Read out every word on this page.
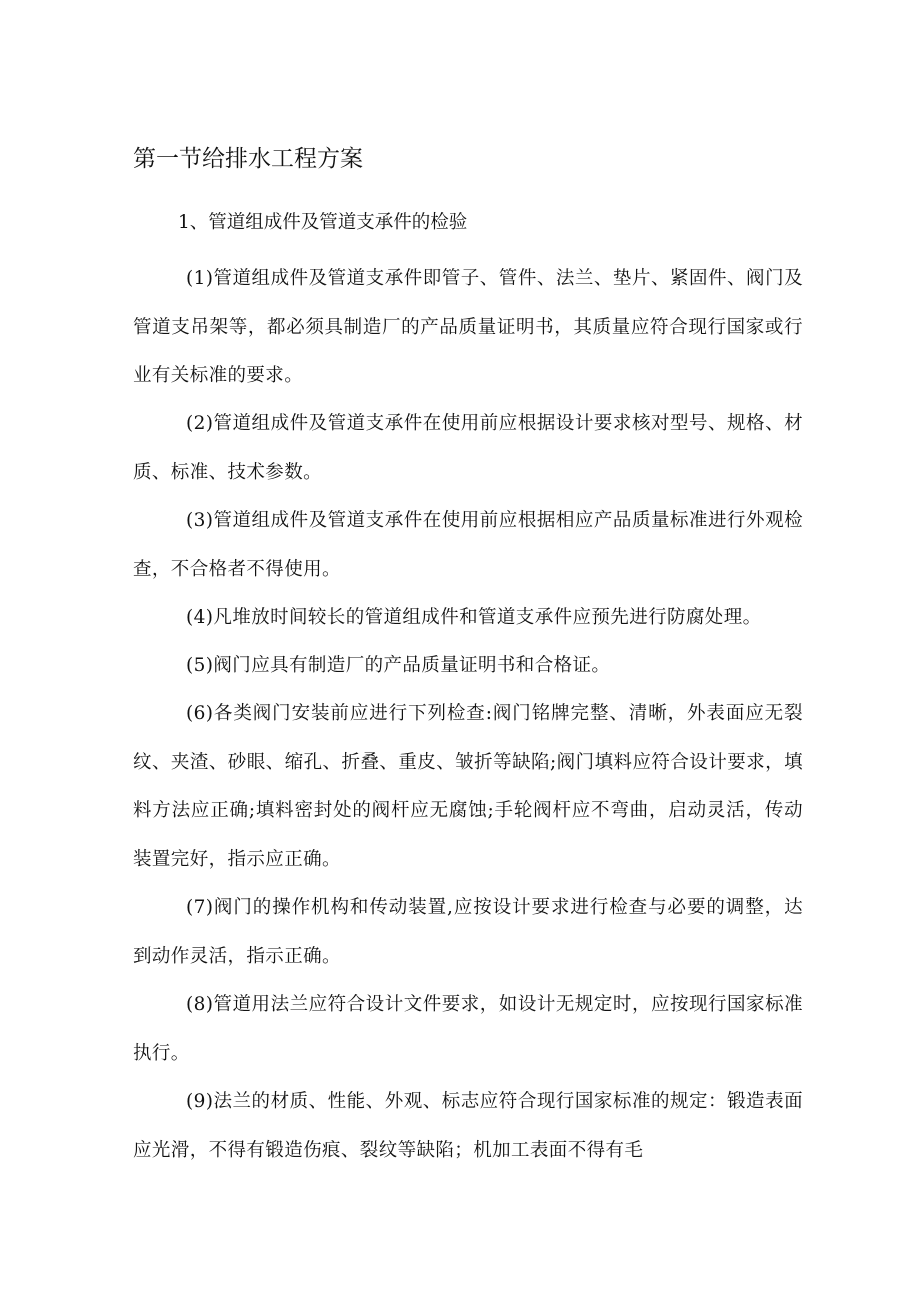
第一节给排水工程方案

1、管道组成件及管道支承件的检验

(1)管道组成件及管道支承件即管子、管件、法兰、垫片、紧固件、阀门及管道支吊架等，都必须具制造厂的产品质量证明书，其质量应符合现行国家或行业有关标准的要求。

(2)管道组成件及管道支承件在使用前应根据设计要求核对型号、规格、材质、标准、技术参数。

(3)管道组成件及管道支承件在使用前应根据相应产品质量标准进行外观检查，不合格者不得使用。

(4)凡堆放时间较长的管道组成件和管道支承件应预先进行防腐处理。

(5)阀门应具有制造厂的产品质量证明书和合格证。

(6)各类阀门安装前应进行下列检查:阀门铭牌完整、清晰，外表面应无裂纹、夹渣、砂眼、缩孔、折叠、重皮、皱折等缺陷;阀门填料应符合设计要求，填料方法应正确;填料密封处的阀杆应无腐蚀;手轮阀杆应不弯曲，启动灵活，传动装置完好，指示应正确。

(7)阀门的操作机构和传动装置,应按设计要求进行检查与必要的调整，达到动作灵活，指示正确。

(8)管道用法兰应符合设计文件要求，如设计无规定时，应按现行国家标准执行。

(9)法兰的材质、性能、外观、标志应符合现行国家标准的规定：锻造表面应光滑，不得有锻造伤痕、裂纹等缺陷；机加工表面不得有毛
